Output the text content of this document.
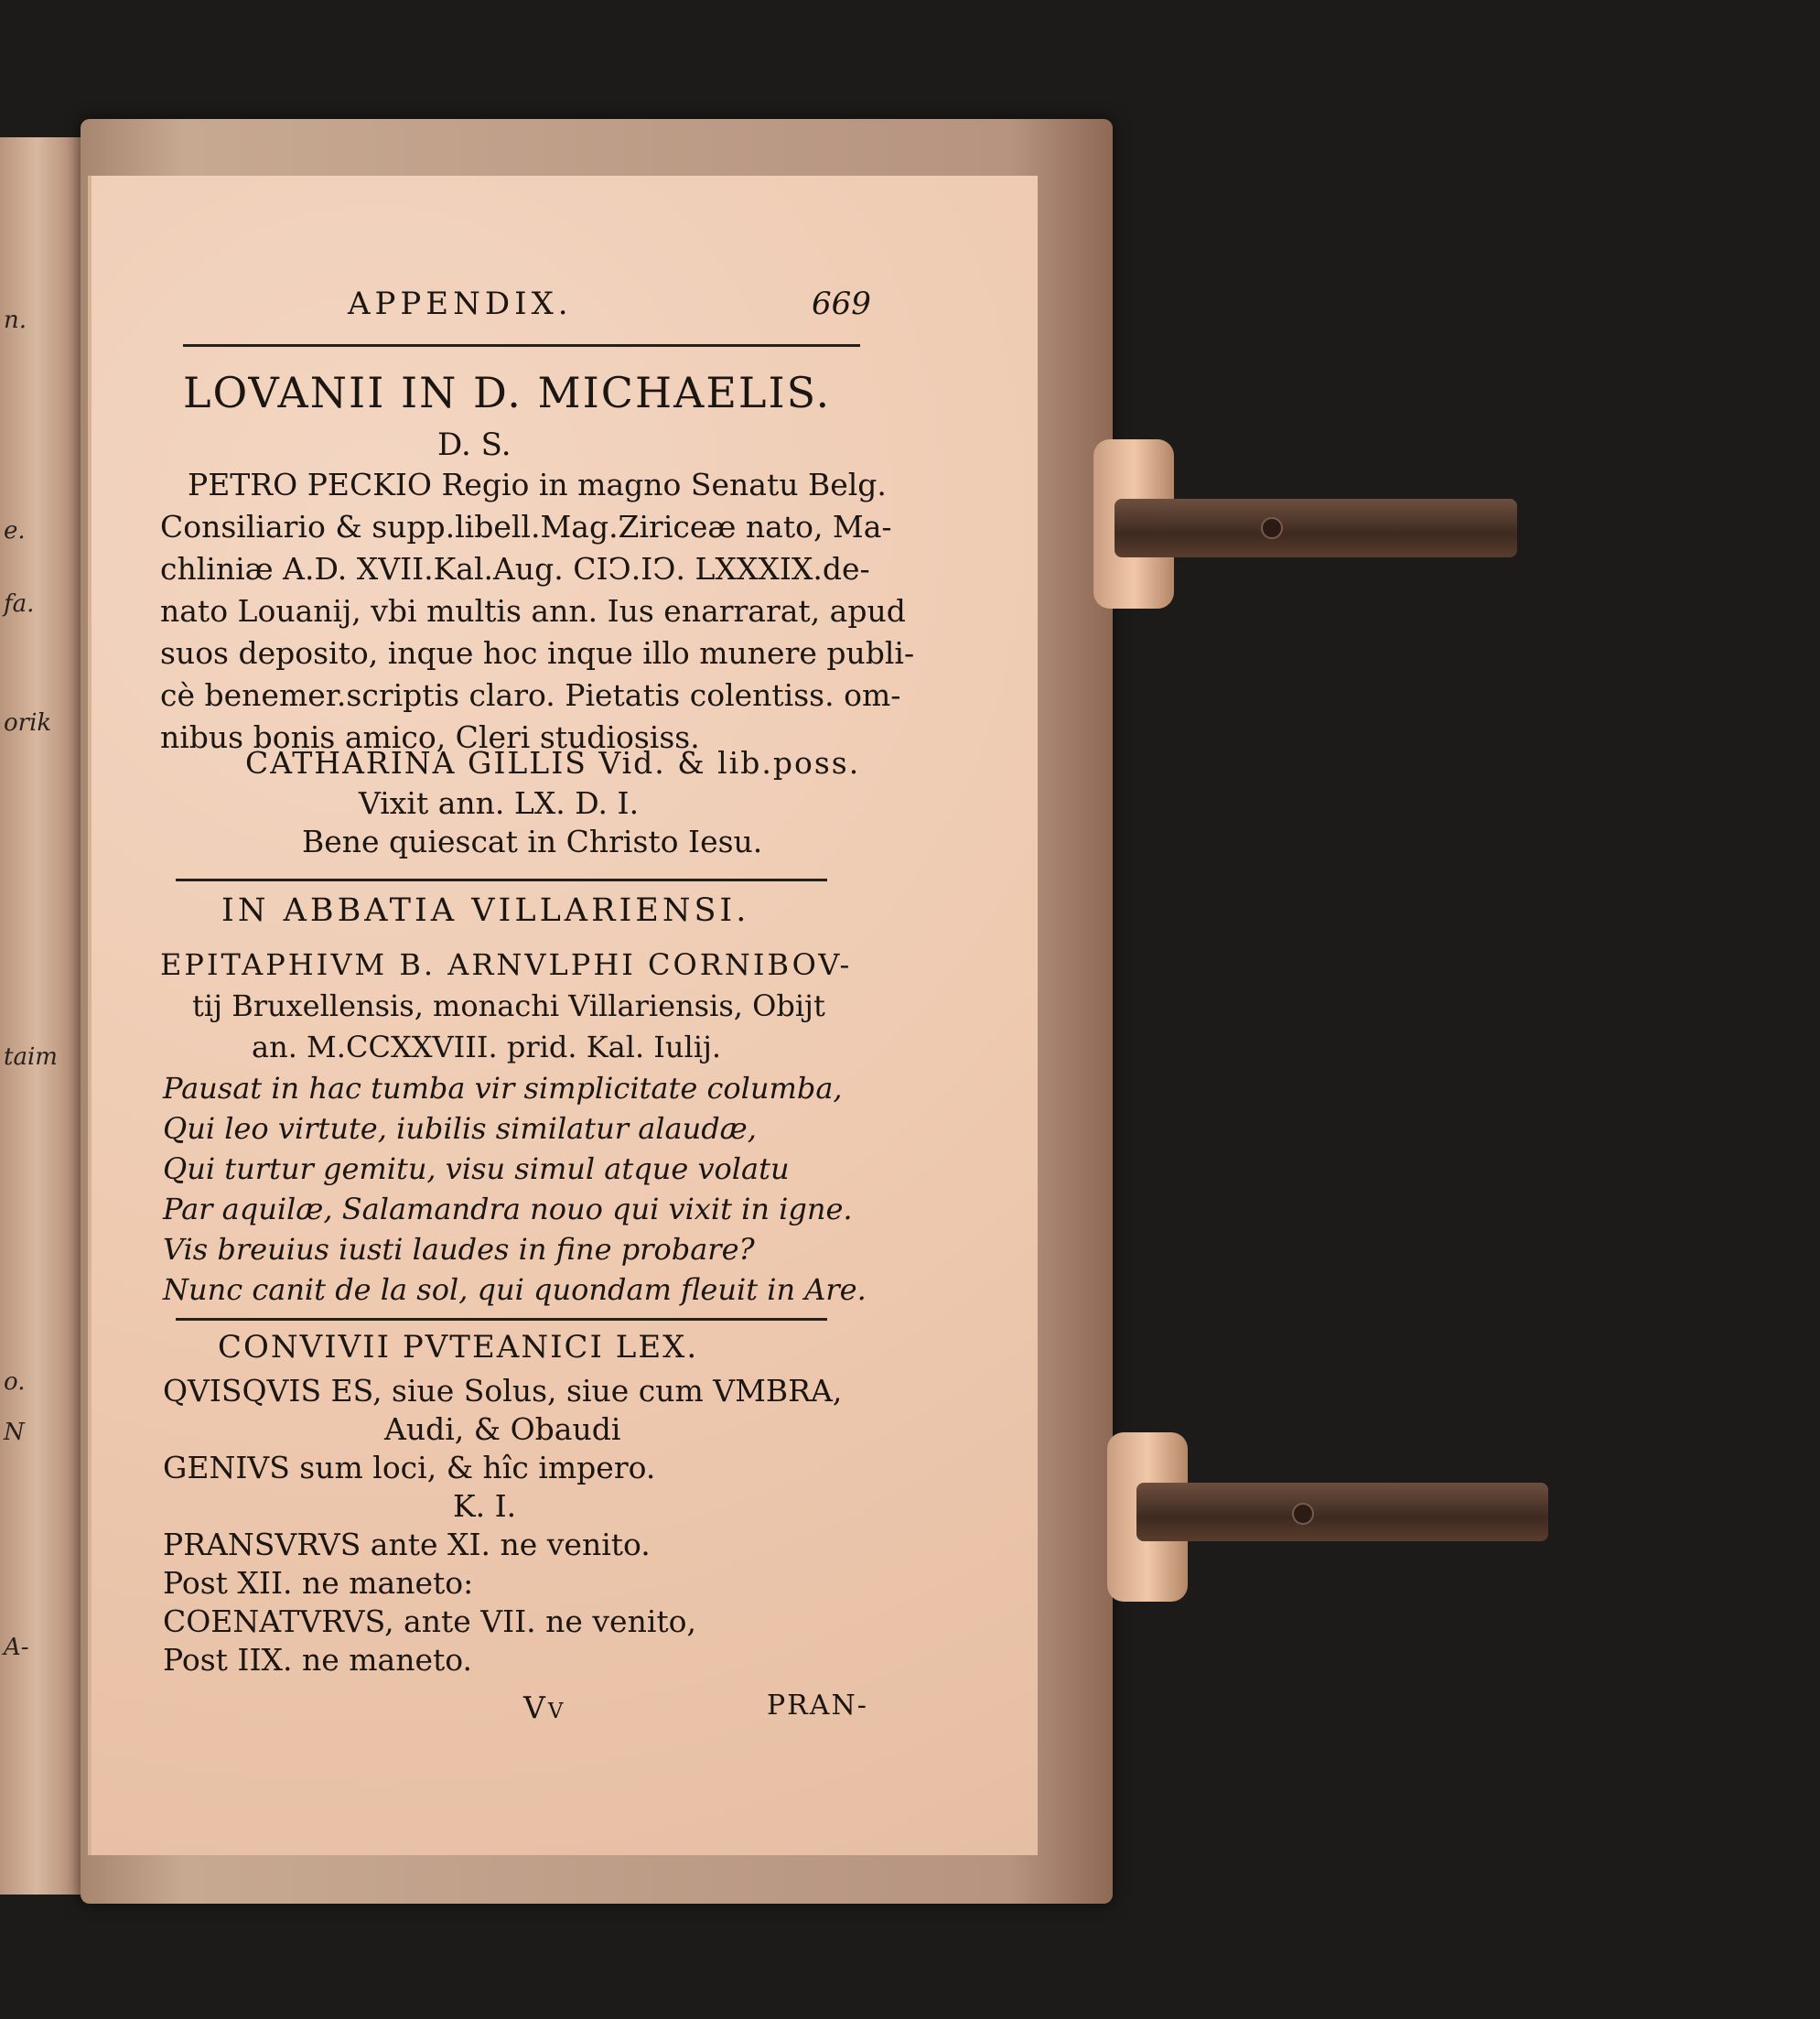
n.
e.
fa.
orik
taim
o.
N
A-
APPENDIX.	669
LOVANII IN D. MICHAELIS.
D. S.
PETRO PECKIO Regio in magno Senatu Belg.
Consiliario & supp.libell.Mag.Ziriceæ nato, Ma-
chliniæ A.D. XVII.Kal.Aug. CIↃ.IↃ. LXXXIX.de-
nato Louanij, vbi multis ann. Ius enarrarat, apud
suos deposito, inque hoc inque illo munere publi-
cè benemer.scriptis claro. Pietatis colentiss. om-
nibus bonis amico, Cleri studiosiss.
CATHARINA GILLIS Vid. & lib.poss.
Vixit ann. LX. D. I.
Bene quiescat in Christo Iesu.
IN ABBATIA VILLARIENSI.
EPITAPHIVM B. ARNVLPHI CORNIBOV-
tij Bruxellensis, monachi Villariensis, Obijt
an. M.CCXXVIII. prid. Kal. Iulij.
Pausat in hac tumba vir simplicitate columba,
Qui leo virtute, iubilis similatur alaudæ,
Qui turtur gemitu, visu simul atque volatu
Par aquilæ, Salamandra nouo qui vixit in igne.
Vis breuius iusti laudes in fine probare?
Nunc canit de la sol, qui quondam fleuit in Are.
CONVIVII PVTEANICI LEX.
QVISQVIS ES, siue Solus, siue cum VMBRA,
Audi, & Obaudi
GENIVS sum loci, & hîc impero.
K. I.
PRANSVRVS ante XI. ne venito.
Post XII. ne maneto:
COENATVRVS, ante VII. ne venito,
Post IIX. ne maneto.
Vv	PRAN-
